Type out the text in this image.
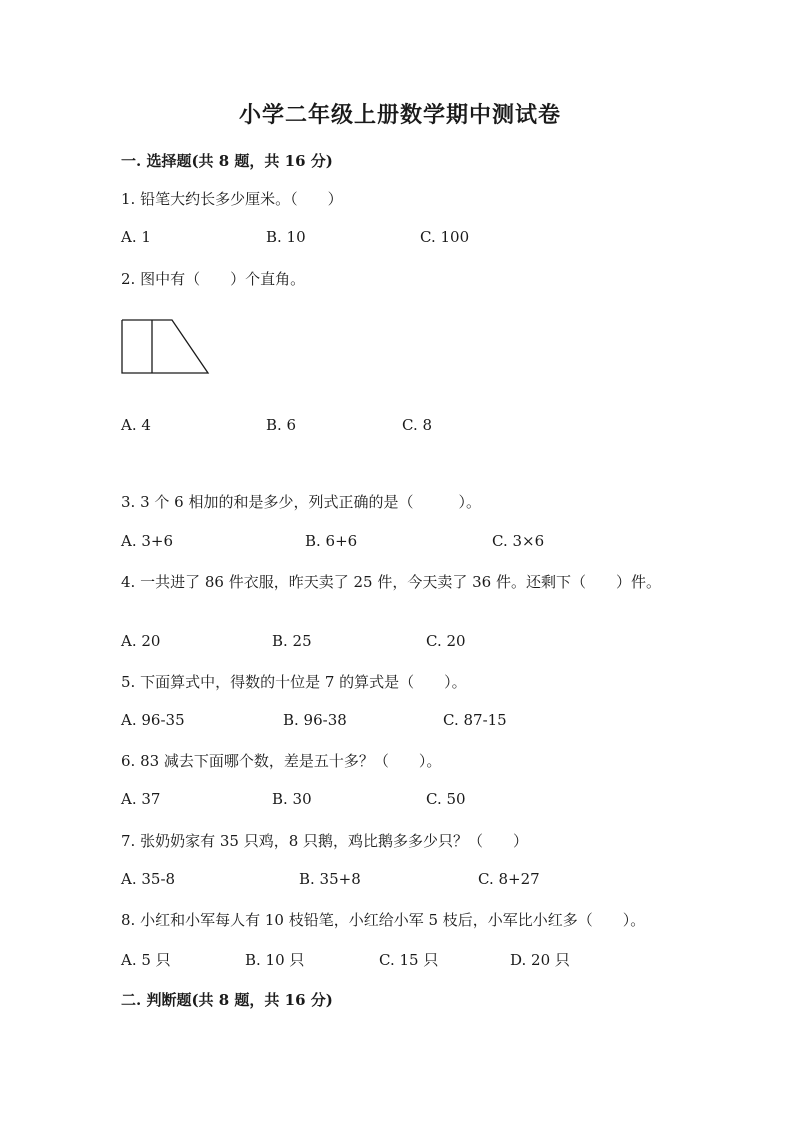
小学二年级上册数学期中测试卷
一. 选择题(共 8 题，共 16 分)
1. 铅笔大约长多少厘米。（　　）
A. 1	B. 10	C. 100
2. 图中有（　　）个直角。
A. 4	B. 6	C. 8
3. 3 个 6 相加的和是多少，列式正确的是（　　　）。
A. 3+6	B. 6+6	C. 3×6
4. 一共进了 86 件衣服，昨天卖了 25 件，今天卖了 36 件。还剩下（　　）件。
A. 20	B. 25	C. 20
5. 下面算式中，得数的十位是 7 的算式是（　　）。
A. 96-35	B. 96-38	C. 87-15
6. 83 减去下面哪个数，差是五十多？（　　）。
A. 37	B. 30	C. 50
7. 张奶奶家有 35 只鸡，8 只鹅，鸡比鹅多多少只？（　　）
A. 35-8	B. 35+8	C. 8+27
8. 小红和小军每人有 10 枝铅笔，小红给小军 5 枝后，小军比小红多（　　）。
A. 5 只	B. 10 只	C. 15 只	D. 20 只
二. 判断题(共 8 题，共 16 分)
